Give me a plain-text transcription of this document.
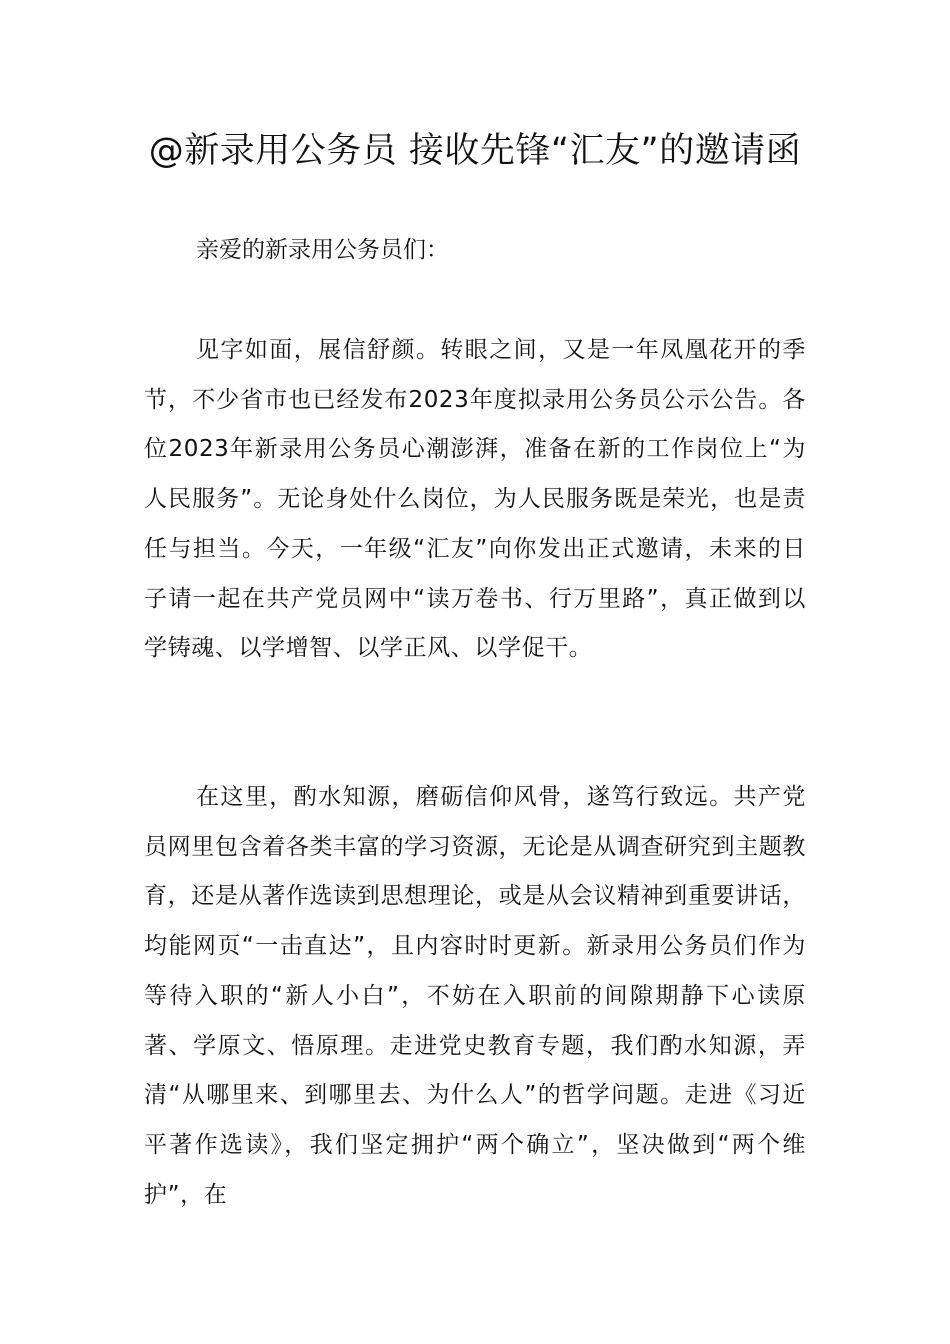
@新录用公务员 接收先锋“汇友”的邀请函

亲爱的新录用公务员们：

见字如面，展信舒颜。转眼之间，又是一年凤凰花开的季节，不少省市也已经发布2023年度拟录用公务员公示公告。各位2023年新录用公务员心潮澎湃，准备在新的工作岗位上“为人民服务”。无论身处什么岗位，为人民服务既是荣光，也是责任与担当。今天，一年级“汇友”向你发出正式邀请，未来的日子请一起在共产党员网中“读万卷书、行万里路”，真正做到以学铸魂、以学增智、以学正风、以学促干。

在这里，酌水知源，磨砺信仰风骨，遂笃行致远。共产党员网里包含着各类丰富的学习资源，无论是从调查研究到主题教育，还是从著作选读到思想理论，或是从会议精神到重要讲话，均能网页“一击直达”，且内容时时更新。新录用公务员们作为等待入职的“新人小白”，不妨在入职前的间隙期静下心读原著、学原文、悟原理。走进党史教育专题，我们酌水知源，弄清“从哪里来、到哪里去、为什么人”的哲学问题。走进《习近平著作选读》，我们坚定拥护“两个确立”，坚决做到“两个维护”，在
